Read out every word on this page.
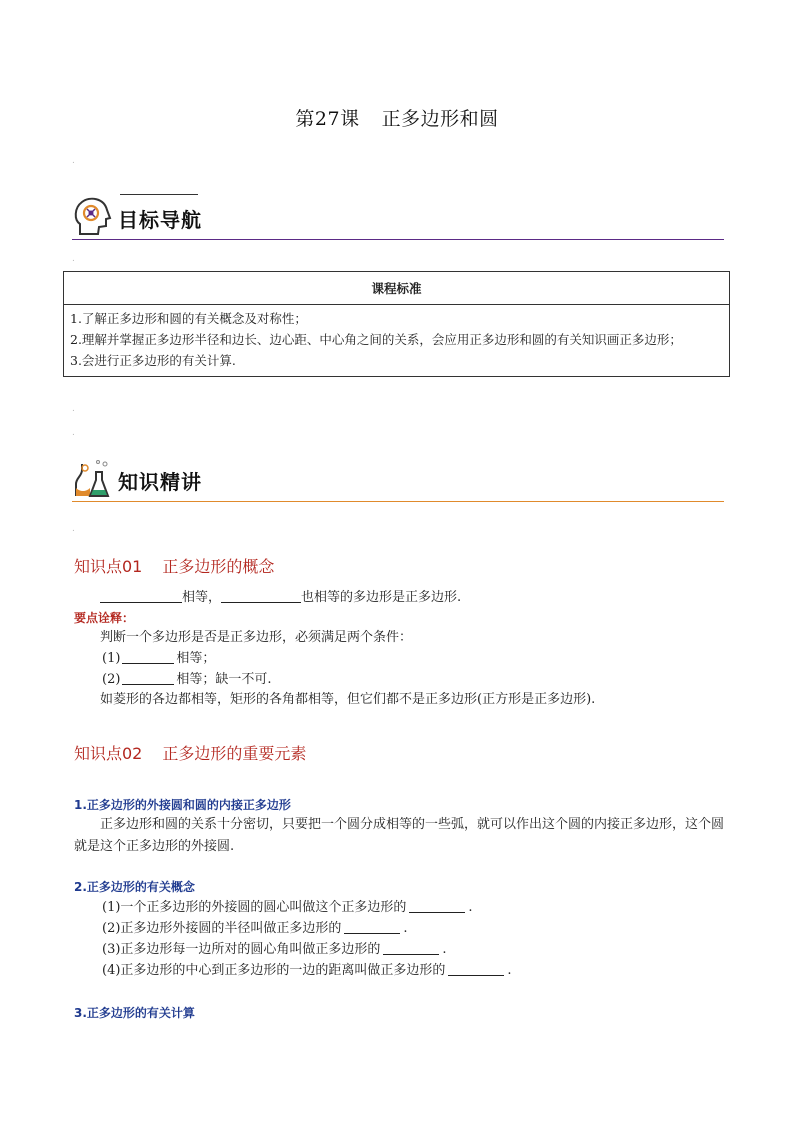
第27课 正多边形和圆
.
目标导航
.
课程标准

1.了解正多边形和圆的有关概念及对称性；
2.理解并掌握正多边形半径和边长、边心距、中心角之间的关系，会应用正多边形和圆的有关知识画正多边形；
3.会进行正多边形的有关计算.
.
.
知识精讲
.
知识点01 正多边形的概念
相等，	也相等的多边形是正多边形.
要点诠释：
判断一个多边形是否是正多边形，必须满足两个条件：
(1)	相等；
(2)	相等；缺一不可.
如菱形的各边都相等，矩形的各角都相等，但它们都不是正多边形(正方形是正多边形).
知识点02 正多边形的重要元素
1.正多边形的外接圆和圆的内接正多边形
正多边形和圆的关系十分密切，只要把一个圆分成相等的一些弧，就可以作出这个圆的内接正多边形，这个圆就是这个正多边形的外接圆.
2.正多边形的有关概念
(1)一个正多边形的外接圆的圆心叫做这个正多边形的	.
(2)正多边形外接圆的半径叫做正多边形的	.
(3)正多边形每一边所对的圆心角叫做正多边形的	.
(4)正多边形的中心到正多边形的一边的距离叫做正多边形的	.
3.正多边形的有关计算
